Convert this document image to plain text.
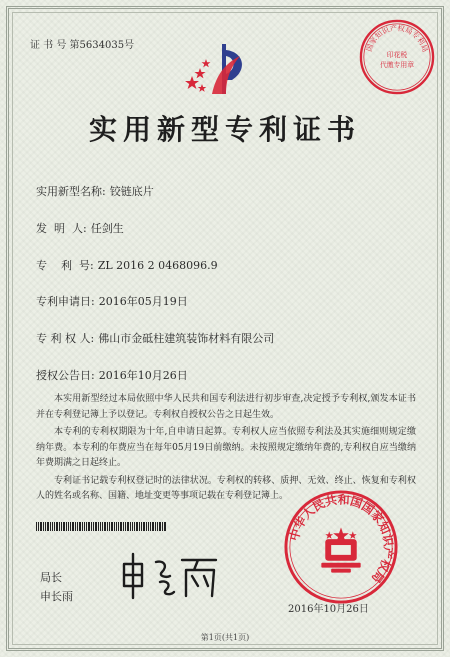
证 书 号 第5634035号	国家知识产权局专利局
印花税
代缴专用章
实用新型专利证书
实用新型名称: 铰链底片
发  明  人: 任剑生
专    利  号: ZL 2016 2 0468096.9
专利申请日: 2016年05月19日
专 利 权 人: 佛山市金砥柱建筑装饰材料有限公司
授权公告日: 2016年10月26日

本实用新型经过本局依照中华人民共和国专利法进行初步审查,决定授予专利权,颁发本证书并在专利登记簿上予以登记。专利权自授权公告之日起生效。

本专利的专利权期限为十年,自申请日起算。专利权人应当依照专利法及其实施细则规定缴纳年费。本专利的年费应当在每年05月19日前缴纳。未按照规定缴纳年费的,专利权自应当缴纳年费期满之日起终止。

专利证书记载专利权登记时的法律状况。专利权的转移、质押、无效、终止、恢复和专利权人的姓名或名称、国籍、地址变更等事项记载在专利登记簿上。

局长
申长雨
中华人民共和国国家知识产权局
2016年10月26日
第1页(共1页)
